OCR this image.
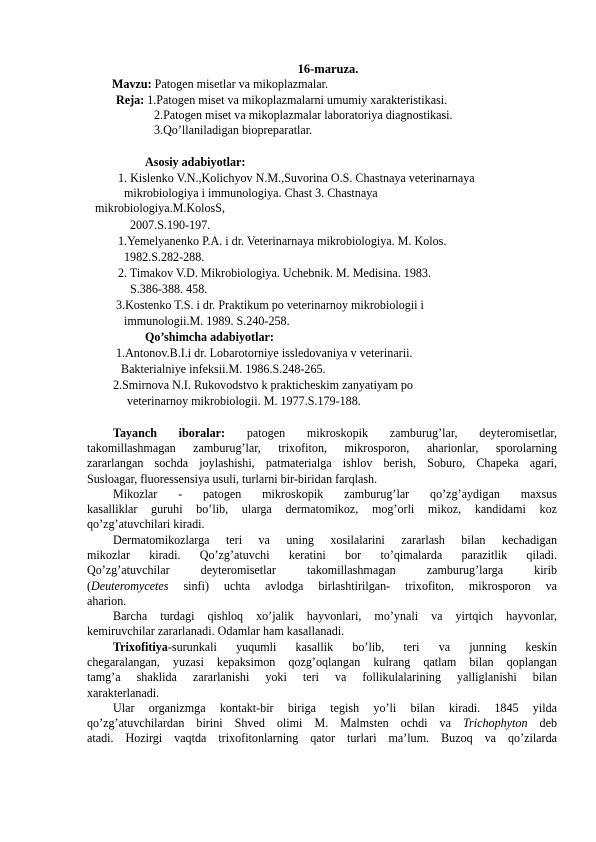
16-maruza.
Mavzu: Patogen misetlar va mikoplazmalar.
Reja: 1.Patogen miset va mikoplazmalarni umumiy xarakteristikasi.
2.Patogen miset va mikoplazmalar laboratoriya diagnostikasi.
3.Qo’llaniladigan biopreparatlar.
Asosiy adabiyotlar:
1. Kislenko V.N.,Kolichyov N.M.,Suvorina O.S. Chastnaya veterinarnaya
mikrobiologiya i immunologiya. Chast 3. Chastnaya
mikrobiologiya.M.KolosS,
2007.S.190-197.
1.Yemelyanenko P.A. i dr. Veterinarnaya mikrobiologiya. M. Kolos.
1982.S.282-288.
2. Timakov V.D. Mikrobiologiya. Uchebnik. M. Medisina. 1983.
S.386-388. 458.
3.Kostenko T.S. i dr. Praktikum po veterinarnoy mikrobiologii i
immunologii.M. 1989. S.240-258.
Qo’shimcha adabiyotlar:
1.Antonov.B.I.i dr. Lobarotorniye issledovaniya v veterinarii.
Bakterialniye infeksii.M. 1986.S.248-265.
2.Smirnova N.I. Rukovodstvo k prakticheskim zanyatiyam po
veterinarnoy mikrobiologii. M. 1977.S.179-188.
Tayanch iboralar: patogen mikroskopik zamburug’lar, deyteromisetlar,
takomillashmagan zamburug’lar, trixofiton, mikrosporon, aharionlar, sporolarning
zararlangan sochda joylashishi, patmaterialga ishlov berish, Soburo, Chapeka agari,
Susloagar, fluoressensiya usuli, turlarni bir-biridan farqlash.
Mikozlar - patogen mikroskopik zamburug’lar qo’zg’aydigan maxsus
kasalliklar guruhi bo’lib, ularga dermatomikoz, mog’orli mikoz, kandidami koz
qo’zg’atuvchilari kiradi.
Dermatomikozlarga teri va uning xosilalarini zararlash bilan kechadigan
mikozlar kiradi. Qo’zg’atuvchi keratini bor to’qimalarda parazitlik qiladi.
Qo’zg’atuvchilar deyteromisetlar takomillashmagan zamburug’larga kirib
(Deuteromycetes sinfi) uchta avlodga birlashtirilgan- trixofiton, mikrosporon va
aharion.
Barcha turdagi qishloq xo’jalik hayvonlari, mo’ynali va yirtqich hayvonlar,
kemiruvchilar zararlanadi. Odamlar ham kasallanadi.
Trixofitiya-surunkali yuqumli kasallik bo’lib, teri va junning keskin
chegaralangan, yuzasi kepaksimon qozg’oqlangan kulrang qatlam bilan qoplangan
tamg’a shaklida zararlanishi yoki teri va follikulalarining yalliglanishi bilan
xarakterlanadi.
Ular organizmga kontakt-bir biriga tegish yo’li bilan kiradi. 1845 yilda
qo’zg’atuvchilardan birini Shved olimi M. Malmsten ochdi va Trichophyton deb
atadi. Hozirgi vaqtda trixofitonlarning qator turlari ma’lum. Buzoq va qo’zilarda
